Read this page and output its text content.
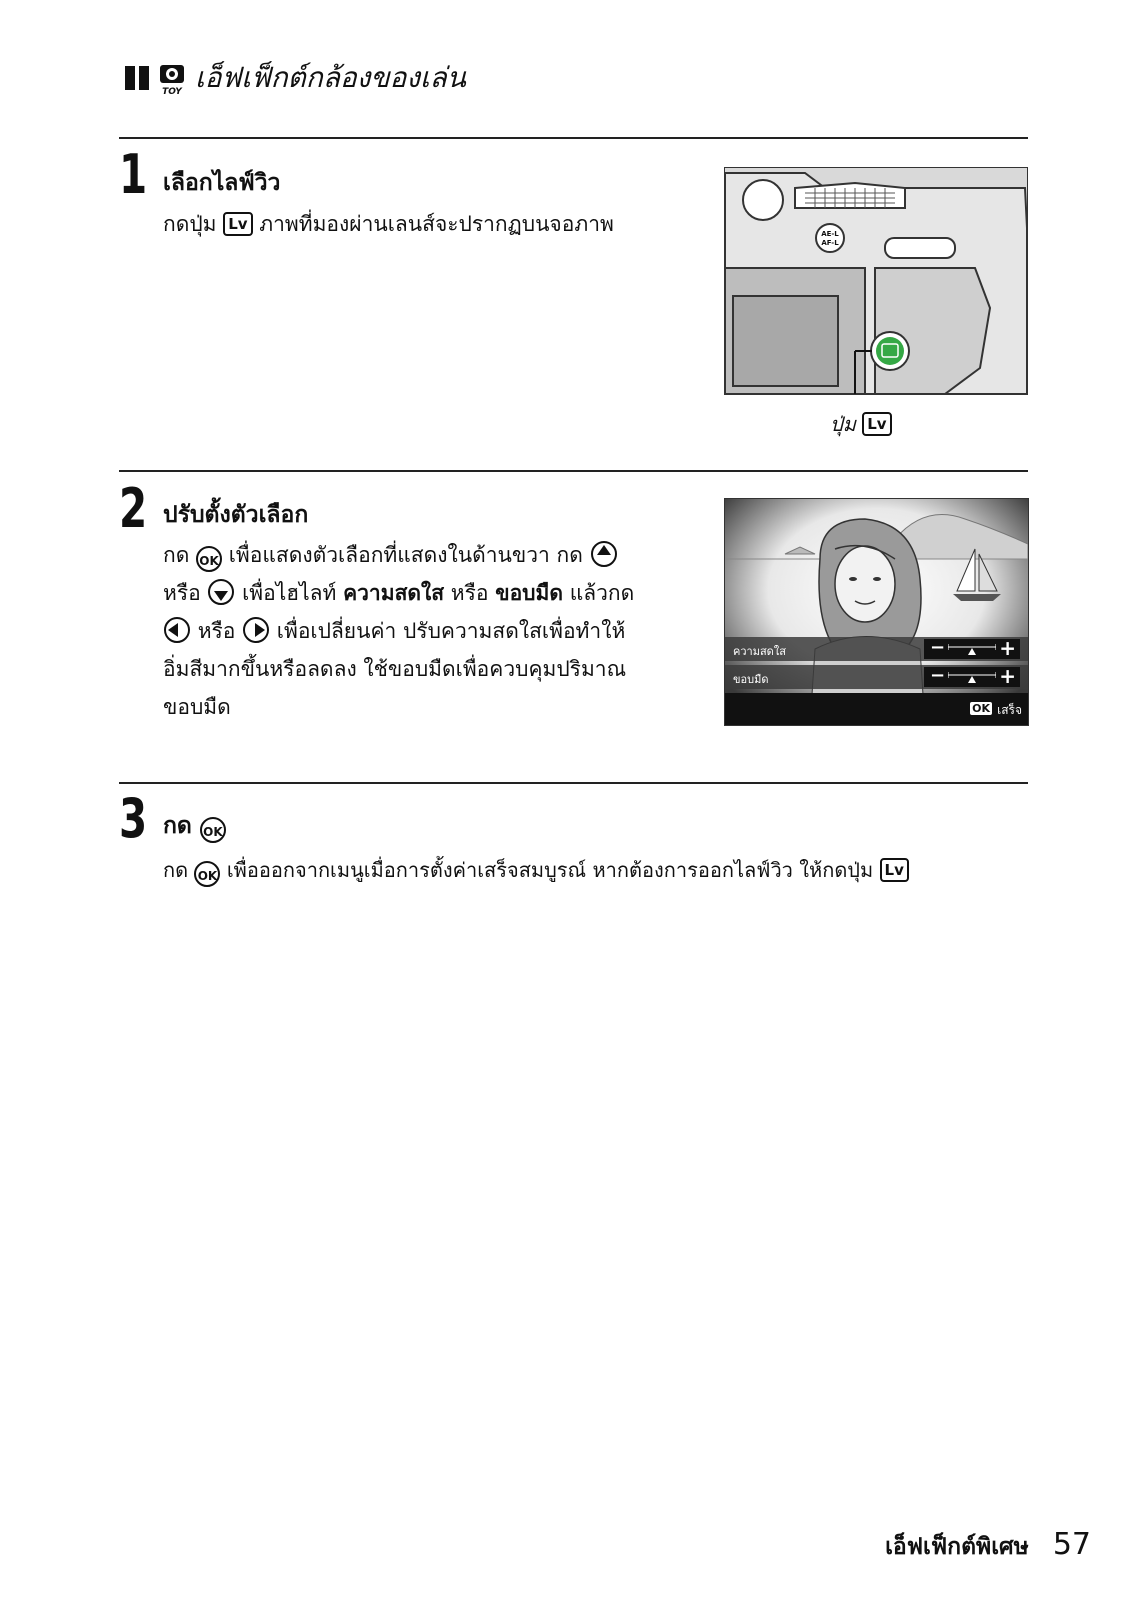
TOY เอ็ฟเฟ็กต์กล้องของเล่น
1 เลือกไลฟ์วิว
กดปุ่ม Lv ภาพที่มองผ่านเลนส์จะปรากฏบนจอภาพ	AE-L
AF-L
ปุ่ม Lv
2 ปรับตั้งตัวเลือก
กด OK เพื่อแสดงตัวเลือกที่แสดงในด้านขวา กด
หรือ เพื่อไฮไลท์ ความสดใส หรือ ขอบมืด แล้วกด
หรือ เพื่อเปลี่ยนค่า ปรับความสดใสเพื่อทำให้
อิ่มสีมากขึ้นหรือลดลง ใช้ขอบมืดเพื่อควบคุมปริมาณ
ขอบมืด
ความสดใส	−	+
ขอบมืด	−	+
OK เสร็จ
3 กด OK
กด OK เพื่อออกจากเมนูเมื่อการตั้งค่าเสร็จสมบูรณ์ หากต้องการออกไลฟ์วิว ให้กดปุ่ม Lv
เอ็ฟเฟ็กต์พิเศษ 57
